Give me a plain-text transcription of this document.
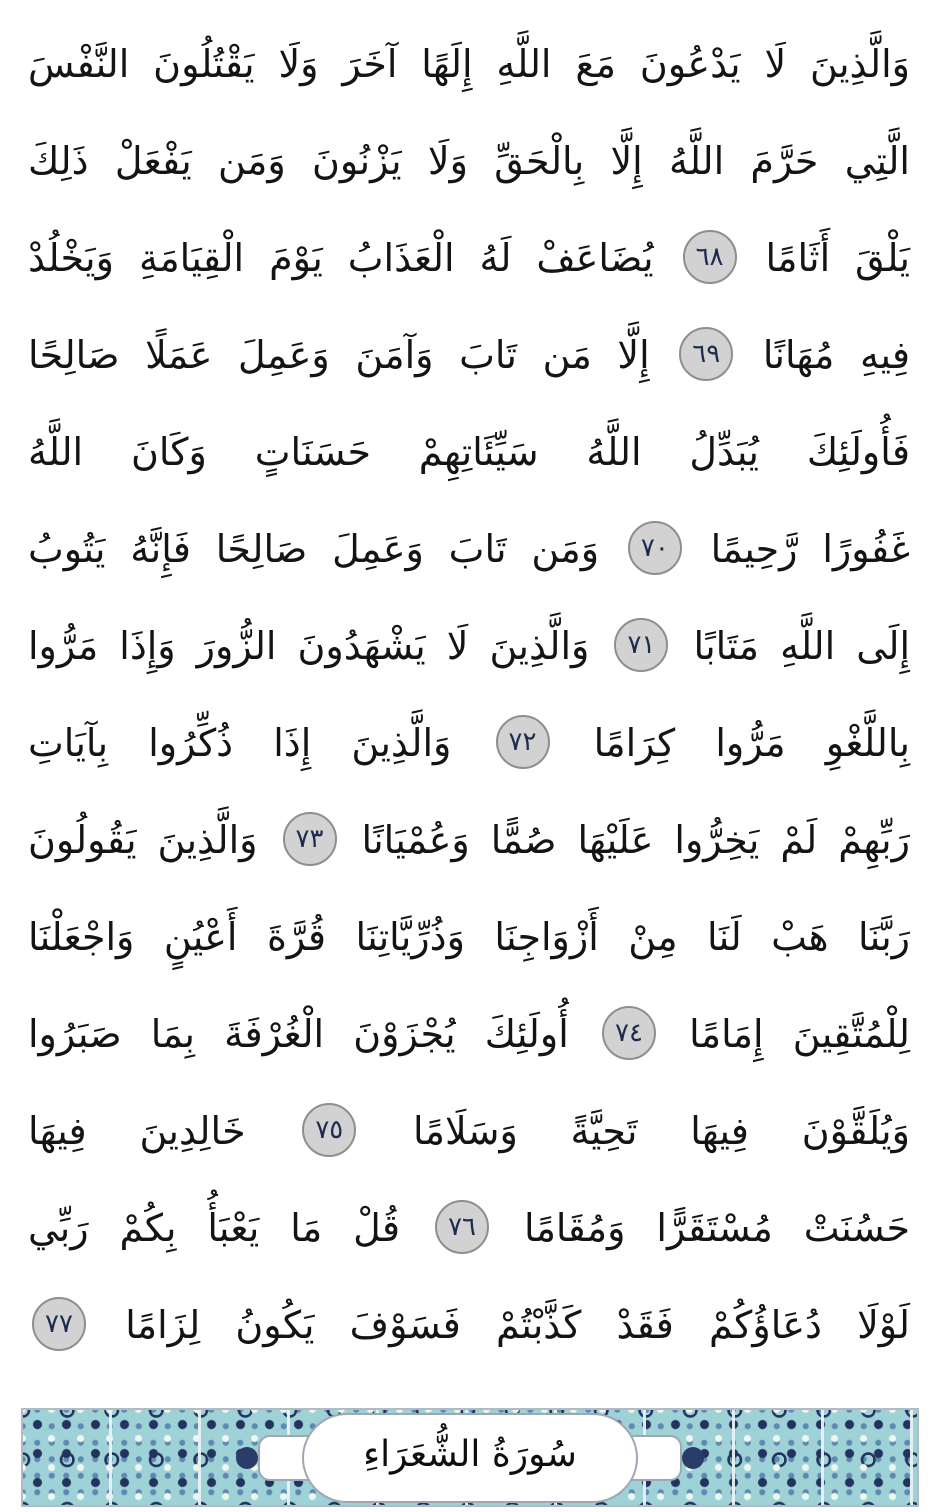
وَالَّذِينَ لَا يَدْعُونَ مَعَ اللَّهِ إِلَهًا آخَرَ وَلَا يَقْتُلُونَ النَّفْسَ
الَّتِي حَرَّمَ اللَّهُ إِلَّا بِالْحَقِّ وَلَا يَزْنُونَ وَمَن يَفْعَلْ ذَلِكَ
يَلْقَ أَثَامًا ٦٨ يُضَاعَفْ لَهُ الْعَذَابُ يَوْمَ الْقِيَامَةِ وَيَخْلُدْ
فِيهِ مُهَانًا ٦٩ إِلَّا مَن تَابَ وَآمَنَ وَعَمِلَ عَمَلًا صَالِحًا
فَأُولَئِكَ يُبَدِّلُ اللَّهُ سَيِّئَاتِهِمْ حَسَنَاتٍ وَكَانَ اللَّهُ
غَفُورًا رَّحِيمًا ٧٠ وَمَن تَابَ وَعَمِلَ صَالِحًا فَإِنَّهُ يَتُوبُ
إِلَى اللَّهِ مَتَابًا ٧١ وَالَّذِينَ لَا يَشْهَدُونَ الزُّورَ وَإِذَا مَرُّوا
بِاللَّغْوِ مَرُّوا كِرَامًا ٧٢ وَالَّذِينَ إِذَا ذُكِّرُوا بِآيَاتِ
رَبِّهِمْ لَمْ يَخِرُّوا عَلَيْهَا صُمًّا وَعُمْيَانًا ٧٣ وَالَّذِينَ يَقُولُونَ
رَبَّنَا هَبْ لَنَا مِنْ أَزْوَاجِنَا وَذُرِّيَّاتِنَا قُرَّةَ أَعْيُنٍ وَاجْعَلْنَا
لِلْمُتَّقِينَ إِمَامًا ٧٤ أُولَئِكَ يُجْزَوْنَ الْغُرْفَةَ بِمَا صَبَرُوا
وَيُلَقَّوْنَ فِيهَا تَحِيَّةً وَسَلَامًا ٧٥ خَالِدِينَ فِيهَا
حَسُنَتْ مُسْتَقَرًّا وَمُقَامًا ٧٦ قُلْ مَا يَعْبَأُ بِكُمْ رَبِّي
لَوْلَا دُعَاؤُكُمْ فَقَدْ كَذَّبْتُمْ فَسَوْفَ يَكُونُ لِزَامًا ٧٧
سُورَةُ الشُّعَرَاءِ
